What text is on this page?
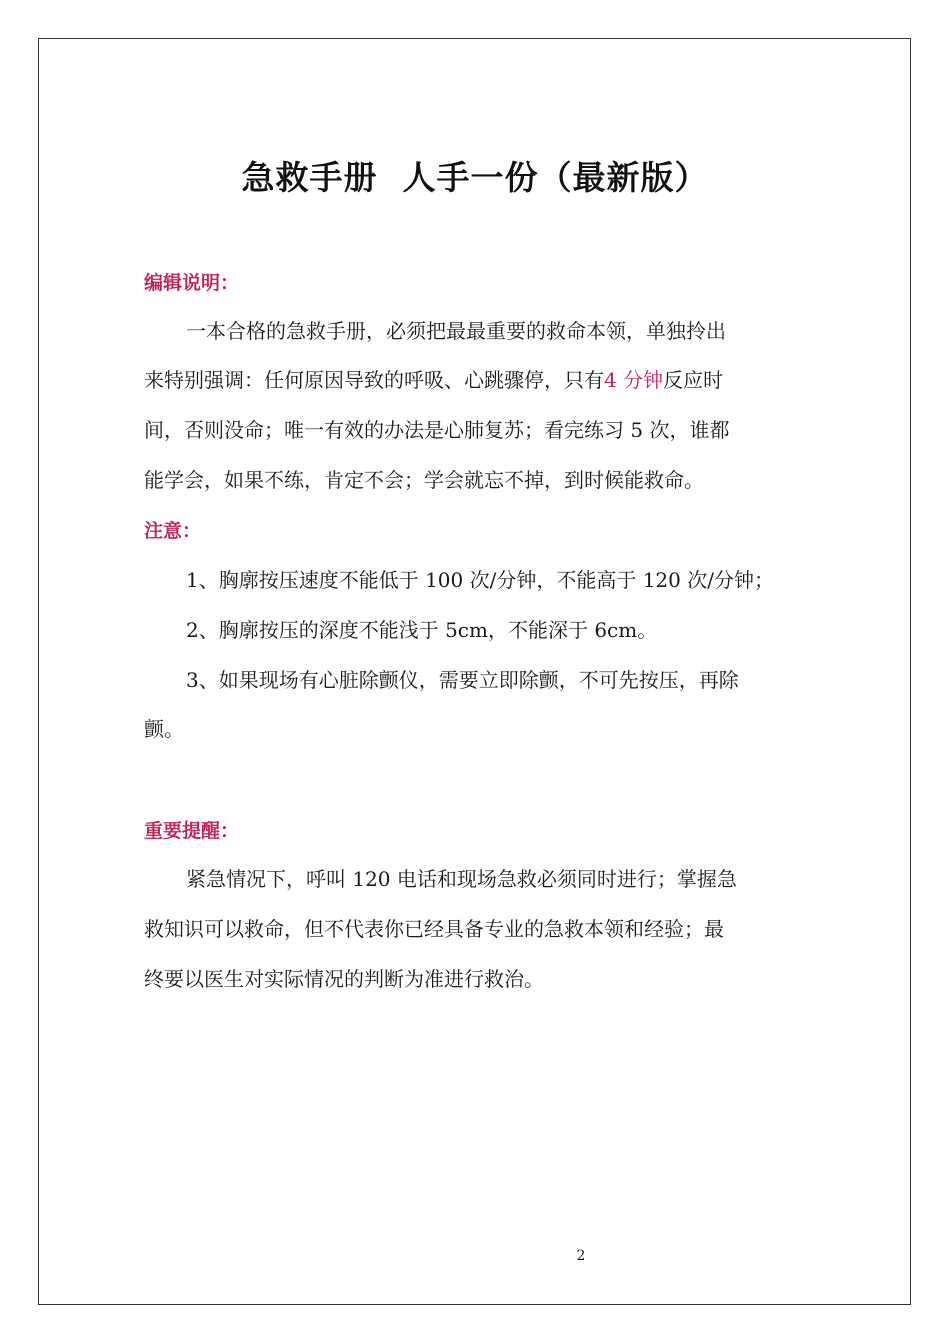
急救手册  人手一份（最新版）
编辑说明：
一本合格的急救手册，必须把最最重要的救命本领，单独拎出
来特别强调：任何原因导致的呼吸、心跳骤停，只有4 分钟反应时
间，否则没命；唯一有效的办法是心肺复苏；看完练习 5 次，谁都
能学会，如果不练，肯定不会；学会就忘不掉，到时候能救命。
注意：
1、胸廓按压速度不能低于 100 次/分钟，不能高于 120 次/分钟；
2、胸廓按压的深度不能浅于 5cm，不能深于 6cm。
3、如果现场有心脏除颤仪，需要立即除颤，不可先按压，再除
颤。
重要提醒：
紧急情况下，呼叫 120 电话和现场急救必须同时进行；掌握急
救知识可以救命，但不代表你已经具备专业的急救本领和经验；最
终要以医生对实际情况的判断为准进行救治。
2
